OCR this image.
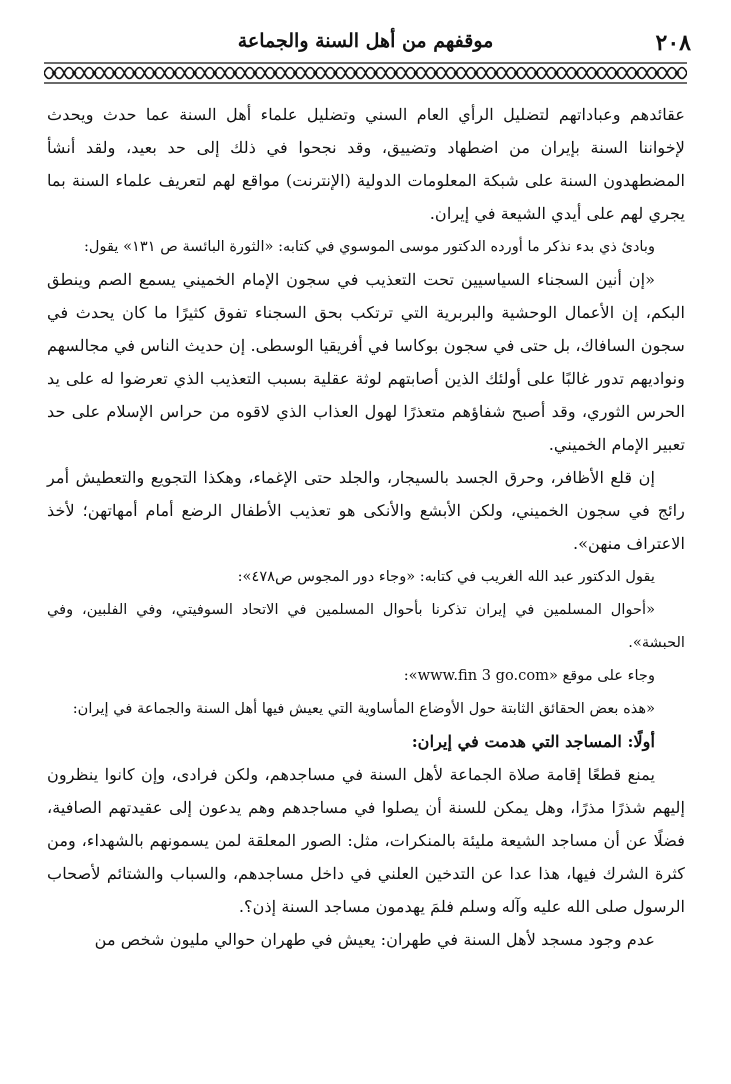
موقفهم من أهل السنة والجماعة	٢٠٨

عقائدهم وعباداتهم لتضليل الرأي العام السني وتضليل علماء أهل السنة عما حدث ويحدث لإخواننا السنة بإيران من اضطهاد وتضييق، وقد نجحوا في ذلك إلى حد بعيد، ولقد أنشأ المضطهدون السنة على شبكة المعلومات الدولية (الإنترنت) مواقع لهم لتعريف علماء السنة بما يجري لهم على أيدي الشيعة في إيران.

وبادئ ذي بدء نذكر ما أورده الدكتور موسى الموسوي في كتابه: «الثورة البائسة ص ١٣١» يقول:

«إن أنين السجناء السياسيين تحت التعذيب في سجون الإمام الخميني يسمع الصم وينطق البكم، إن الأعمال الوحشية والبربرية التي ترتكب بحق السجناء تفوق كثيرًا ما كان يحدث في سجون السافاك، بل حتى في سجون بوكاسا في أفريقيا الوسطى. إن حديث الناس في مجالسهم ونواديهم تدور غالبًا على أولئك الذين أصابتهم لوثة عقلية بسبب التعذيب الذي تعرضوا له على يد الحرس الثوري، وقد أصبح شفاؤهم متعذرًا لهول العذاب الذي لاقوه من حراس الإسلام على حد تعبير الإمام الخميني.

إن قلع الأظافر، وحرق الجسد بالسيجار، والجلد حتى الإغماء، وهكذا التجويع والتعطيش أمر رائج في سجون الخميني، ولكن الأبشع والأنكى هو تعذيب الأطفال الرضع أمام أمهاتهن؛ لأخذ الاعتراف منهن».

يقول الدكتور عبد الله الغريب في كتابه: «وجاء دور المجوس ص٤٧٨»:

«أحوال المسلمين في إيران تذكرنا بأحوال المسلمين في الاتحاد السوفيتي، وفي الفلبين، وفي الحبشة».

وجاء على موقع «www.fin 3 go.com»:

«هذه بعض الحقائق الثابتة حول الأوضاع المأساوية التي يعيش فيها أهل السنة والجماعة في إيران:

أولًا: المساجد التي هدمت في إيران:

يمنع قطعًا إقامة صلاة الجماعة لأهل السنة في مساجدهم، ولكن فرادى، وإن كانوا ينظرون إليهم شذرًا مذرًا، وهل يمكن للسنة أن يصلوا في مساجدهم وهم يدعون إلى عقيدتهم الصافية، فضلًا عن أن مساجد الشيعة مليئة بالمنكرات، مثل: الصور المعلقة لمن يسمونهم بالشهداء، ومن كثرة الشرك فيها، هذا عدا عن التدخين العلني في داخل مساجدهم، والسباب والشتائم لأصحاب الرسول صلى الله عليه وآله وسلم فلمَ يهدمون مساجد السنة إذن؟.

عدم وجود مسجد لأهل السنة في طهران: يعيش في طهران حوالي مليون شخص من
